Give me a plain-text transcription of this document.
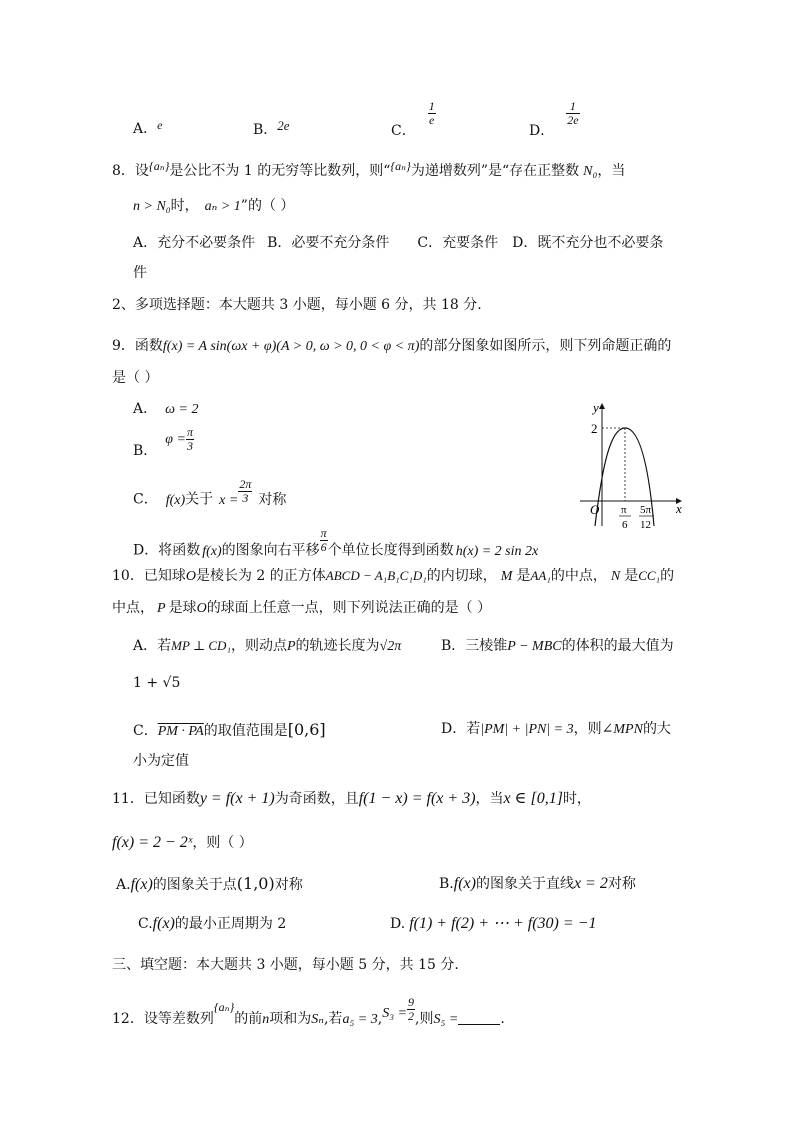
A．e	B．2e	C．
$\frac{1}{e}$
D．
$\frac{1}{2e}$
8．设{aₙ}是公比不为 1 的无穷等比数列，则“{aₙ}为递增数列”是“存在正整数 N₀，当
n > N₀时， aₙ > 1”的（ ）
A．充分不必要条件 B．必要不充分条件 C．充要条件 D．既不充分也不必要条
件
2、多项选择题：本大题共 3 小题，每小题 6 分，共 18 分.
9．函数f(x) = A sin(ωx + φ)(A > 0, ω > 0, 0 < φ < π)的部分图象如图所示，则下列命题正确的
是（ ）
A． ω = 2
B．$\varphi = \frac{\pi}{3}$
C． f(x)关于 $x = \frac{2\pi}{3}$ 对称
D．将函数 f(x)的图象向右平移 $\frac{\pi}{6}$ 个单位长度得到函数 h(x) = 2 sin 2x
y
x
O
2
π
6
5π
12
10．已知球O是棱长为 2 的正方体ABCD − A₁B₁C₁D₁的内切球， M 是AA₁的中点， N 是CC₁的
中点， P 是球O的球面上任意一点，则下列说法正确的是（ ）
A．若MP ⊥ CD₁，则动点P的轨迹长度为√2π	B．三棱锥P − MBC的体积的最大值为
1 + √5
C．PM · PA的取值范围是[0,6]	D．若|PM| + |PN| = 3，则∠MPN的大
小为定值
11．已知函数y = f(x + 1)为奇函数，且f(1 − x) = f(x + 3)，当x ∈ [0,1]时，
f(x) = 2 − 2ˣ，则（ ）
A.f(x)的图象关于点(1,0)对称	B.f(x)的图象关于直线x = 2对称
C.f(x)的最小正周期为 2	D. f(1) + f(2) + ⋯ + f(30) = −1
三、填空题：本大题共 3 小题，每小题 5 分，共 15 分.
12．设等差数列{aₙ}的前n项和为Sₙ,若$a_5 = 3,S_3 = \frac{9}{2}$ ,则S₅ =	.
